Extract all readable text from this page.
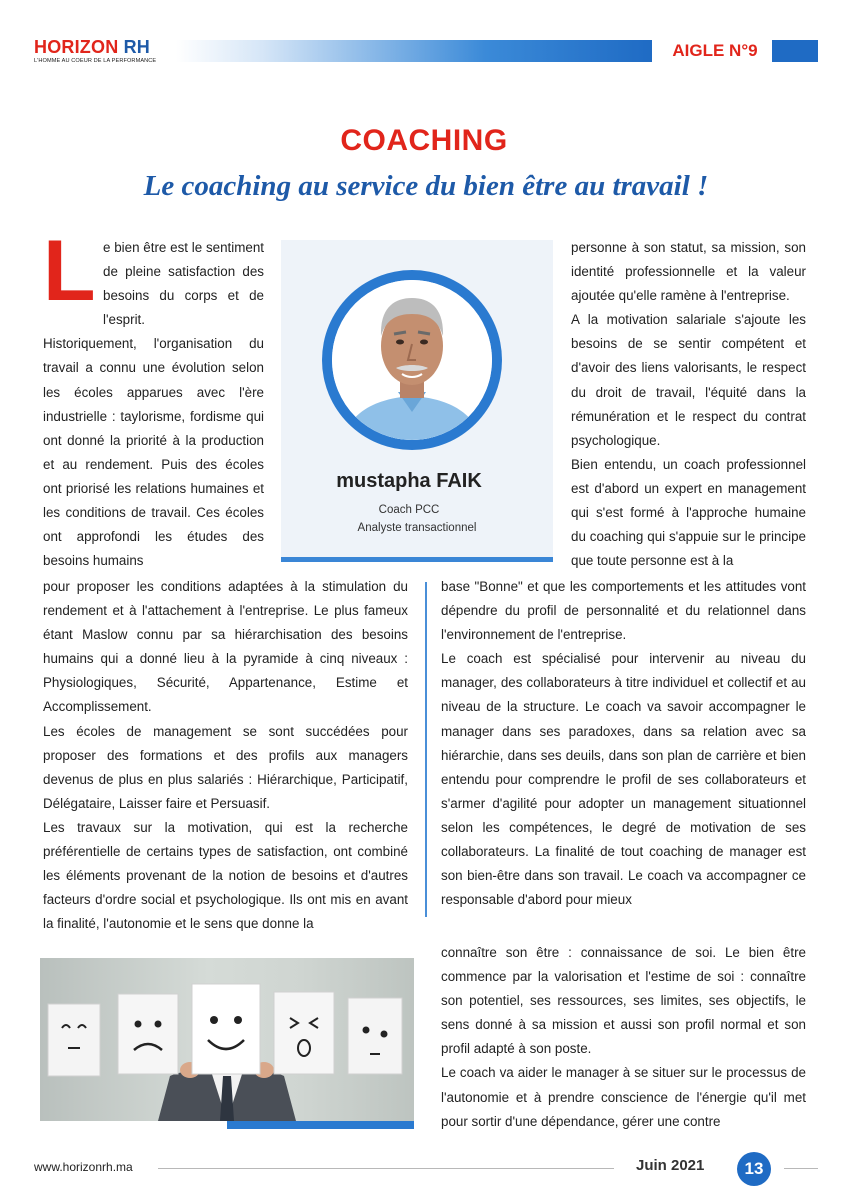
HORIZON RH
L'HOMME AU COEUR DE LA PERFORMANCE
AIGLE N°9
COACHING
Le coaching au service du bien être au travail !
L e bien être est le sentiment de pleine satisfaction des besoins du corps et de l'esprit.

Historiquement, l'organisation du travail a connu une évolution selon les écoles apparues avec l'ère industrielle : taylorisme, fordisme qui ont donné la priorité à la production et au rendement. Puis des écoles ont priorisé les relations humaines et les conditions de travail. Ces écoles ont approfondi les études des besoins humains

mustapha FAIK
Coach PCC
Analyste transactionnel

personne à son statut, sa mission, son identité professionnelle et la valeur ajoutée qu'elle ramène à l'entreprise.

A la motivation salariale s'ajoute les besoins de se sentir compétent et d'avoir des liens valorisants, le respect du droit de travail, l'équité dans la rémunération et le respect du contrat psychologique.

Bien entendu, un coach professionnel est d'abord un expert en management qui s'est formé à l'approche humaine du coaching qui s'appuie sur le principe que toute personne est à la

pour proposer les conditions adaptées à la stimulation du rendement et à l'attachement à l'entreprise. Le plus fameux étant Maslow connu par sa hiérarchisation des besoins humains qui a donné lieu à la pyramide à cinq niveaux : Physiologiques, Sécurité, Appartenance, Estime et Accomplissement.

Les écoles de management se sont succédées pour proposer des formations et des profils aux managers devenus de plus en plus salariés : Hiérarchique, Participatif, Délégataire, Laisser faire et Persuasif.

Les travaux sur la motivation, qui est la recherche préférentielle de certains types de satisfaction, ont combiné les éléments provenant de la notion de besoins et d'autres facteurs d'ordre social et psychologique. Ils ont mis en avant la finalité, l'autonomie et le sens que donne la

base "Bonne" et que les comportements et les attitudes vont dépendre du profil de personnalité et du relationnel dans l'environnement de l'entreprise.

Le coach est spécialisé pour intervenir au niveau du manager, des collaborateurs à titre individuel et collectif et au niveau de la structure. Le coach va savoir accompagner le manager dans ses paradoxes, dans sa relation avec sa hiérarchie, dans ses deuils, dans son plan de carrière et bien entendu pour comprendre le profil de ses collaborateurs et s'armer d'agilité pour adopter un management situationnel selon les compétences, le degré de motivation de ses collaborateurs. La finalité de tout coaching de manager est son bien-être dans son travail. Le coach va accompagner ce responsable d'abord pour mieux

connaître son être : connaissance de soi. Le bien être commence par la valorisation et l'estime de soi : connaître son potentiel, ses ressources, ses limites, ses objectifs, le sens donné à sa mission et aussi son profil normal et son profil adapté à son poste.

Le coach va aider le manager à se situer sur le processus de l'autonomie et à prendre conscience de l'énergie qu'il met pour sortir d'une dépendance, gérer une contre

www.horizonrh.ma	Juin 2021	13
